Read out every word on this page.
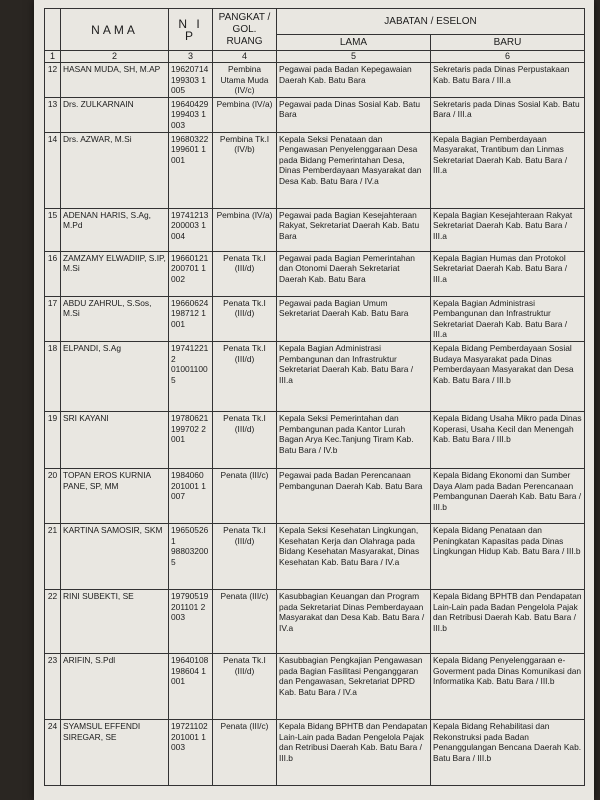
	NAMA	N I P	PANGKAT / GOL. RUANG	JABATAN / ESELON	
				LAMA	BARU
1	2	3	4	5	6
12	HASAN MUDA, SH, M.AP	19620714 199303 1 005	Pembina Utama Muda (IV/c)	Pegawai pada Badan Kepegawaian Daerah Kab. Batu Bara	Sekretaris pada Dinas Perpustakaan Kab. Batu Bara / III.a
13	Drs. ZULKARNAIN	19640429 199403 1 003	Pembina (IV/a)	Pegawai pada Dinas Sosial Kab. Batu Bara	Sekretaris pada Dinas Sosial Kab. Batu Bara / III.a
14	Drs. AZWAR, M.Si	19680322 199601 1 001	Pembina Tk.I (IV/b)	Kepala Seksi Penataan dan Pengawasan Penyelenggaraan Desa pada Bidang Pemerintahan Desa, Dinas Pemberdayaan Masyarakat dan Desa Kab. Batu Bara / IV.a	Kepala Bagian Pemberdayaan Masyarakat, Trantibum dan Linmas Sekretariat Daerah Kab. Batu Bara / III.a
15	ADENAN HARIS, S.Ag, M.Pd	19741213 200003 1 004	Pembina (IV/a)	Pegawai pada Bagian Kesejahteraan Rakyat, Sekretariat Daerah Kab. Batu Bara	Kepala Bagian Kesejahteraan Rakyat Sekretariat Daerah Kab. Batu Bara / III.a
16	ZAMZAMY ELWADIIP, S.IP, M.Si	19660121 200701 1 002	Penata Tk.I (III/d)	Pegawai pada Bagian Pemerintahan dan Otonomi Daerah Sekretariat Daerah Kab. Batu Bara	Kepala Bagian Humas dan Protokol Sekretariat Daerah Kab. Batu Bara / III.a
17	ABDU ZAHRUL, S.Sos, M.Si	19660624 198712 1 001	Penata Tk.I (III/d)	Pegawai pada Bagian Umum Sekretariat Daerah Kab. Batu Bara	Kepala Bagian Administrasi Pembangunan dan Infrastruktur Sekretariat Daerah Kab. Batu Bara / III.a
18	ELPANDI, S.Ag	197412212 010011005	Penata Tk.I (III/d)	Kepala Bagian Administrasi Pembangunan dan Infrastruktur Sekretariat Daerah Kab. Batu Bara / III.a	Kepala Bidang Pemberdayaan Sosial Budaya Masyarakat pada Dinas Pemberdayaan Masyarakat dan Desa Kab. Batu Bara / III.b
19	SRI KAYANI	19780621 199702 2 001	Penata Tk.I (III/d)	Kepala Seksi Pemerintahan dan Pembangunan pada Kantor Lurah Bagan Arya Kec.Tanjung Tiram Kab. Batu Bara / IV.b	Kepala Bidang Usaha Mikro pada Dinas Koperasi, Usaha Kecil dan Menengah Kab. Batu Bara / III.b
20	TOPAN EROS KURNIA PANE, SP, MM	1984060 201001 1 007	Penata (III/c)	Pegawai pada Badan Perencanaan Pembangunan Daerah Kab. Batu Bara	Kepala Bidang Ekonomi dan Sumber Daya Alam pada Badan Perencanaan Pembangunan Daerah Kab. Batu Bara / III.b
21	KARTINA SAMOSIR, SKM	196505261 988032005	Penata Tk.I (III/d)	Kepala Seksi Kesehatan Lingkungan, Kesehatan Kerja dan Olahraga pada Bidang Kesehatan Masyarakat, Dinas Kesehatan Kab. Batu Bara / IV.a	Kepala Bidang Penataan dan Peningkatan Kapasitas pada Dinas Lingkungan Hidup Kab. Batu Bara / III.b
22	RINI SUBEKTI, SE	19790519 201101 2 003	Penata (III/c)	Kasubbagian Keuangan dan Program pada Sekretariat Dinas Pemberdayaan Masyarakat dan Desa Kab. Batu Bara / IV.a	Kepala Bidang BPHTB dan Pendapatan Lain-Lain pada Badan Pengelola Pajak dan Retribusi Daerah Kab. Batu Bara / III.b
23	ARIFIN, S.Pdl	19640108 198604 1 001	Penata Tk.I (III/d)	Kasubbagian Pengkajian Pengawasan pada Bagian Fasilitasi Penganggaran dan Pengawasan, Sekretariat DPRD Kab. Batu Bara / IV.a	Kepala Bidang Penyelenggaraan e-Goverment pada Dinas Komunikasi dan Informatika Kab. Batu Bara / III.b
24	SYAMSUL EFFENDI SIREGAR, SE	19721102 201001 1 003	Penata (III/c)	Kepala Bidang BPHTB dan Pendapatan Lain-Lain pada Badan Pengelola Pajak dan Retribusi Daerah Kab. Batu Bara / III.b	Kepala Bidang Rehabilitasi dan Rekonstruksi pada Badan Penanggulangan Bencana Daerah Kab. Batu Bara / III.b
